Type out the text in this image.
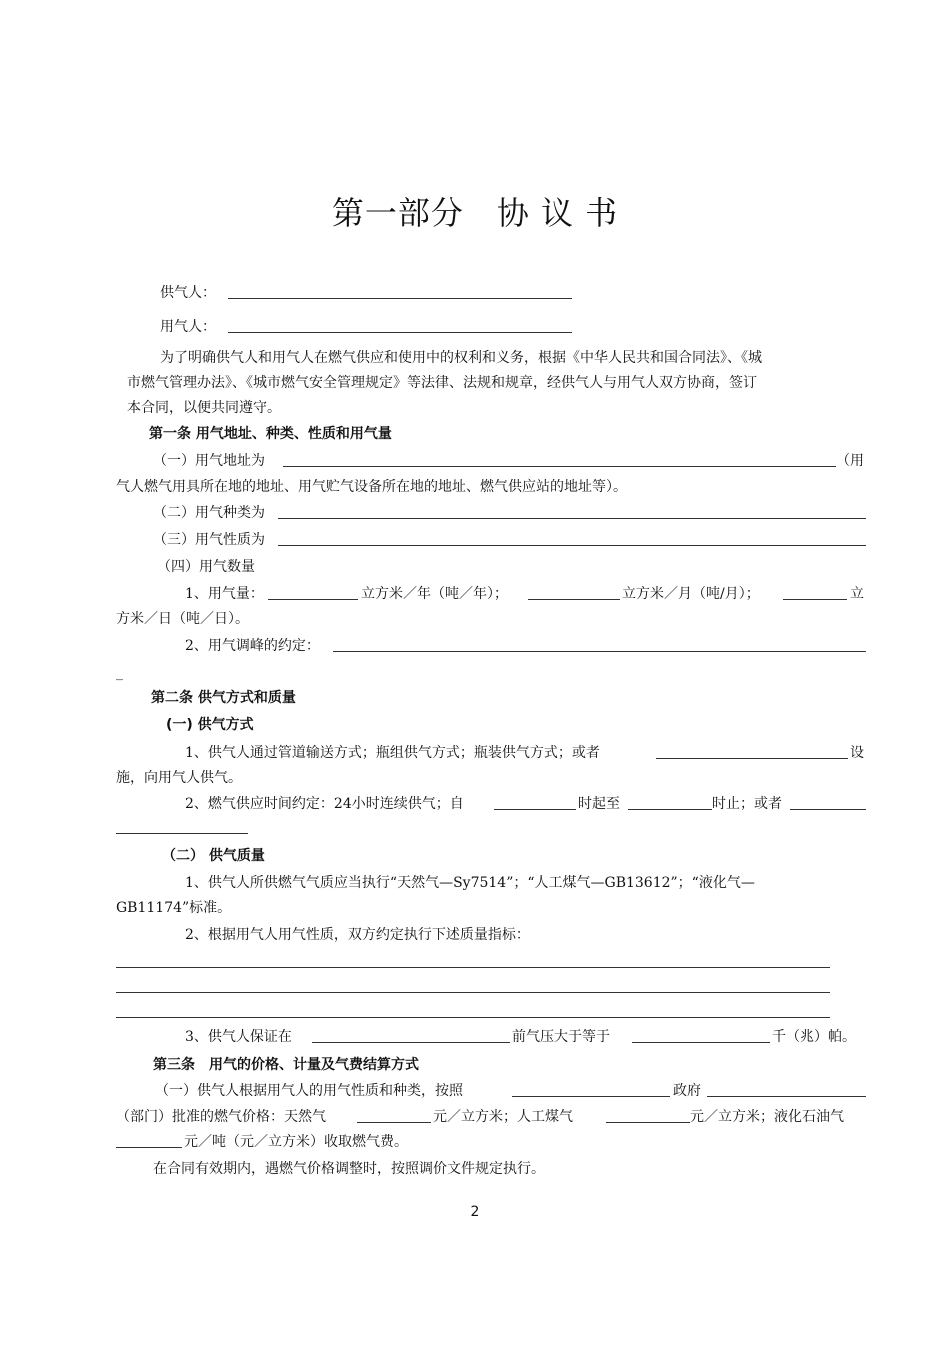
第一部分　协 议 书
供气人：
用气人：
为了明确供气人和用气人在燃气供应和使用中的权利和义务，根据《中华人民共和国合同法》、《城
市燃气管理办法》、《城市燃气安全管理规定》等法律、法规和规章，经供气人与用气人双方协商，签订
本合同，以便共同遵守。
第一条 用气地址、种类、性质和用气量
（一）用气地址为	（用
气人燃气用具所在地的地址、用气贮气设备所在地的地址、燃气供应站的地址等）。
（二）用气种类为
（三）用气性质为
（四）用气数量
1、用气量：	立方米／年（吨／年）；	立方米／月（吨/月）；	立
方米／日（吨／日）。
2、用气调峰的约定：
_
第二条 供气方式和质量
(一) 供气方式
1、供气人通过管道输送方式；瓶组供气方式；瓶装供气方式；或者	设
施，向用气人供气。
2、燃气供应时间约定：24小时连续供气；自	时起至	时止；或者
（二） 供气质量
1、供气人所供燃气气质应当执行“天然气—Sy7514”；“人工煤气—GB13612”；“液化气—
GB11174”标准。
2、根据用气人用气性质，双方约定执行下述质量指标：
3、供气人保证在	前气压大于等于	千（兆）帕。
第三条　用气的价格、计量及气费结算方式
（一）供气人根据用气人的用气性质和种类，按照	政府
（部门）批准的燃气价格：天然气	元／立方米；人工煤气	元／立方米；液化石油气
元／吨（元／立方米）收取燃气费。
在合同有效期内，遇燃气价格调整时，按照调价文件规定执行。
2
